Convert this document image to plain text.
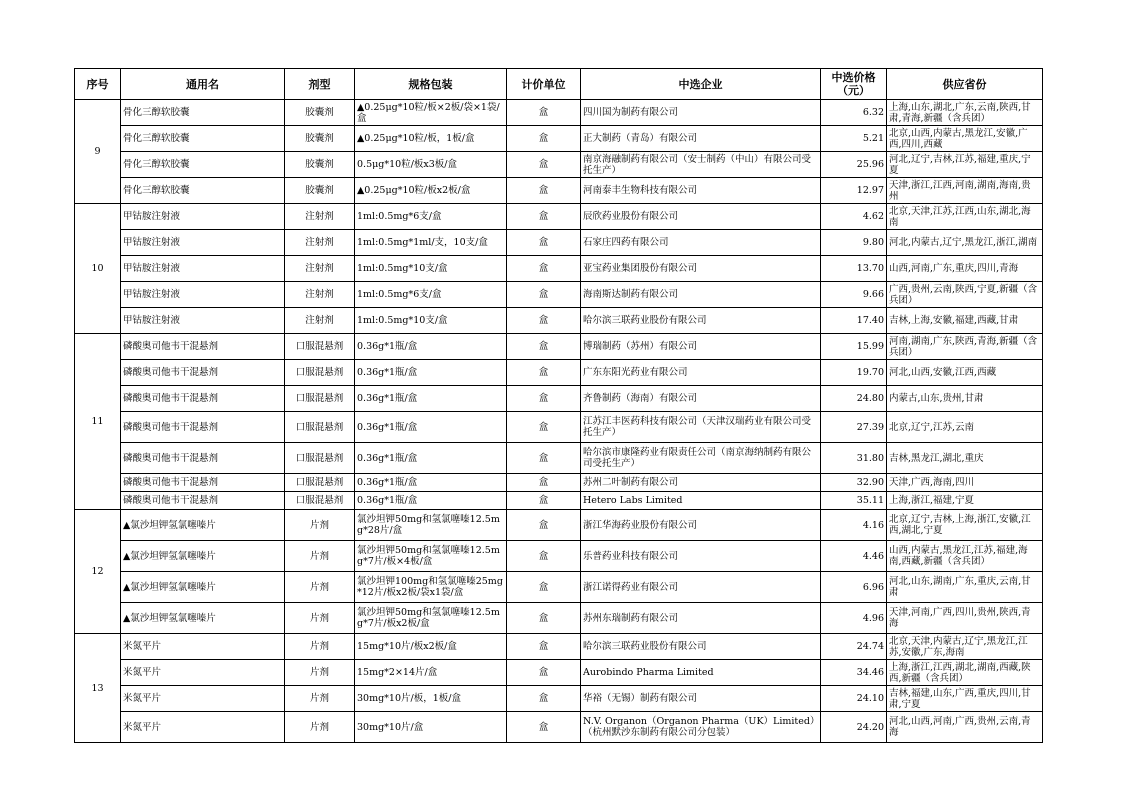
序号	通用名	剂型	规格包装	计价单位	中选企业	中选价格（元）	供应省份
9	骨化三醇软胶囊	胶囊剂	▲0.25μg*10粒/板×2板/袋×1袋/盒	盒	四川国为制药有限公司	6.32	上海,山东,湖北,广东,云南,陕西,甘肃,青海,新疆（含兵团）
	骨化三醇软胶囊	胶囊剂	▲0.25μg*10粒/板，1板/盒	盒	正大制药（青岛）有限公司	5.21	北京,山西,内蒙古,黑龙江,安徽,广西,四川,西藏
	骨化三醇软胶囊	胶囊剂	0.5μg*10粒/板x3板/盒	盒	南京海融制药有限公司（安士制药（中山）有限公司受托生产）	25.96	河北,辽宁,吉林,江苏,福建,重庆,宁夏
	骨化三醇软胶囊	胶囊剂	▲0.25μg*10粒/板x2板/盒	盒	河南泰丰生物科技有限公司	12.97	天津,浙江,江西,河南,湖南,海南,贵州
10	甲钴胺注射液	注射剂	1ml:0.5mg*6支/盒	盒	辰欣药业股份有限公司	4.62	北京,天津,江苏,江西,山东,湖北,海南
	甲钴胺注射液	注射剂	1ml:0.5mg*1ml/支，10支/盒	盒	石家庄四药有限公司	9.80	河北,内蒙古,辽宁,黑龙江,浙江,湖南
	甲钴胺注射液	注射剂	1ml:0.5mg*10支/盒	盒	亚宝药业集团股份有限公司	13.70	山西,河南,广东,重庆,四川,青海
	甲钴胺注射液	注射剂	1ml:0.5mg*6支/盒	盒	海南斯达制药有限公司	9.66	广西,贵州,云南,陕西,宁夏,新疆（含兵团）
	甲钴胺注射液	注射剂	1ml:0.5mg*10支/盒	盒	哈尔滨三联药业股份有限公司	17.40	吉林,上海,安徽,福建,西藏,甘肃
11	磷酸奥司他韦干混悬剂	口服混悬剂	0.36g*1瓶/盒	盒	博瑞制药（苏州）有限公司	15.99	河南,湖南,广东,陕西,青海,新疆（含兵团）
	磷酸奥司他韦干混悬剂	口服混悬剂	0.36g*1瓶/盒	盒	广东东阳光药业有限公司	19.70	河北,山西,安徽,江西,西藏
	磷酸奥司他韦干混悬剂	口服混悬剂	0.36g*1瓶/盒	盒	齐鲁制药（海南）有限公司	24.80	内蒙古,山东,贵州,甘肃
	磷酸奥司他韦干混悬剂	口服混悬剂	0.36g*1瓶/盒	盒	江苏江丰医药科技有限公司（天津汉瑞药业有限公司受托生产）	27.39	北京,辽宁,江苏,云南
	磷酸奥司他韦干混悬剂	口服混悬剂	0.36g*1瓶/盒	盒	哈尔滨市康隆药业有限责任公司（南京海纳制药有限公司受托生产）	31.80	吉林,黑龙江,湖北,重庆
	磷酸奥司他韦干混悬剂	口服混悬剂	0.36g*1瓶/盒	盒	苏州二叶制药有限公司	32.90	天津,广西,海南,四川
	磷酸奥司他韦干混悬剂	口服混悬剂	0.36g*1瓶/盒	盒	Hetero Labs Limited	35.11	上海,浙江,福建,宁夏
12	▲氯沙坦钾氢氯噻嗪片	片剂	氯沙坦钾50mg和氢氯噻嗪12.5mg*28片/盒	盒	浙江华海药业股份有限公司	4.16	北京,辽宁,吉林,上海,浙江,安徽,江西,湖北,宁夏
	▲氯沙坦钾氢氯噻嗪片	片剂	氯沙坦钾50mg和氢氯噻嗪12.5mg*7片/板×4板/盒	盒	乐普药业科技有限公司	4.46	山西,内蒙古,黑龙江,江苏,福建,海南,西藏,新疆（含兵团）
	▲氯沙坦钾氢氯噻嗪片	片剂	氯沙坦钾100mg和氢氯噻嗪25mg*12片/板x2板/袋x1袋/盒	盒	浙江诺得药业有限公司	6.96	河北,山东,湖南,广东,重庆,云南,甘肃
	▲氯沙坦钾氢氯噻嗪片	片剂	氯沙坦钾50mg和氢氯噻嗪12.5mg*7片/板x2板/盒	盒	苏州东瑞制药有限公司	4.96	天津,河南,广西,四川,贵州,陕西,青海
13	米氮平片	片剂	15mg*10片/板x2板/盒	盒	哈尔滨三联药业股份有限公司	24.74	北京,天津,内蒙古,辽宁,黑龙江,江苏,安徽,广东,海南
	米氮平片	片剂	15mg*2×14片/盒	盒	Aurobindo Pharma Limited	34.46	上海,浙江,江西,湖北,湖南,西藏,陕西,新疆（含兵团）
	米氮平片	片剂	30mg*10片/板，1板/盒	盒	华裕（无锡）制药有限公司	24.10	吉林,福建,山东,广西,重庆,四川,甘肃,宁夏
	米氮平片	片剂	30mg*10片/盒	盒	N.V. Organon（Organon Pharma（UK）Limited）（杭州默沙东制药有限公司分包装）	24.20	河北,山西,河南,广西,贵州,云南,青海
